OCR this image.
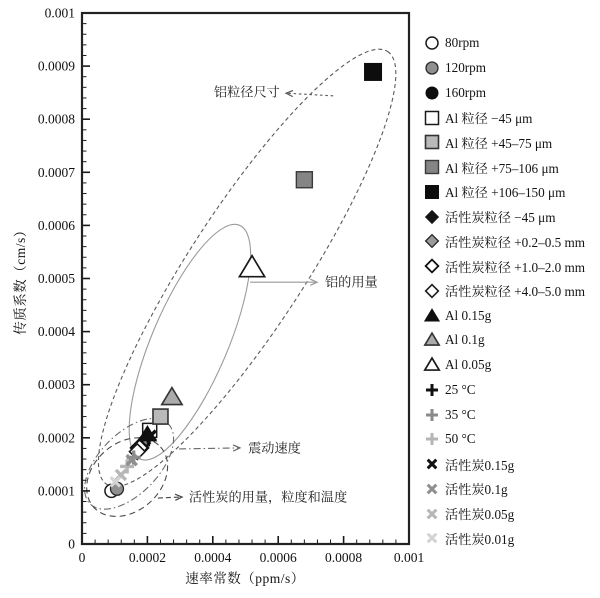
铝粒径尺寸
铝的用量
震动速度
活性炭的用量，粒度和温度
0	0.0002 0.0004 0.0006 0.0008 0.001
0
0.0001
0.0002
0.0003
0.0004
0.0005
0.0006
0.0007
0.0008
0.0009
0.001
速率常数（ppm/s）
传质系数（cm/s）
80rpm
120rpm
160rpm
Al 粒径 −45 μm
Al 粒径 +45–75 μm
Al 粒径 +75–106 μm
Al 粒径 +106–150 μm
活性炭粒径 −45 μm
活性炭粒径 +0.2–0.5 mm
活性炭粒径 +1.0–2.0 mm
活性炭粒径 +4.0–5.0 mm
Al 0.15g
Al 0.1g
Al 0.05g
25 °C
35 °C
50 °C
活性炭0.15g
活性炭0.1g
活性炭0.05g
活性炭0.01g
